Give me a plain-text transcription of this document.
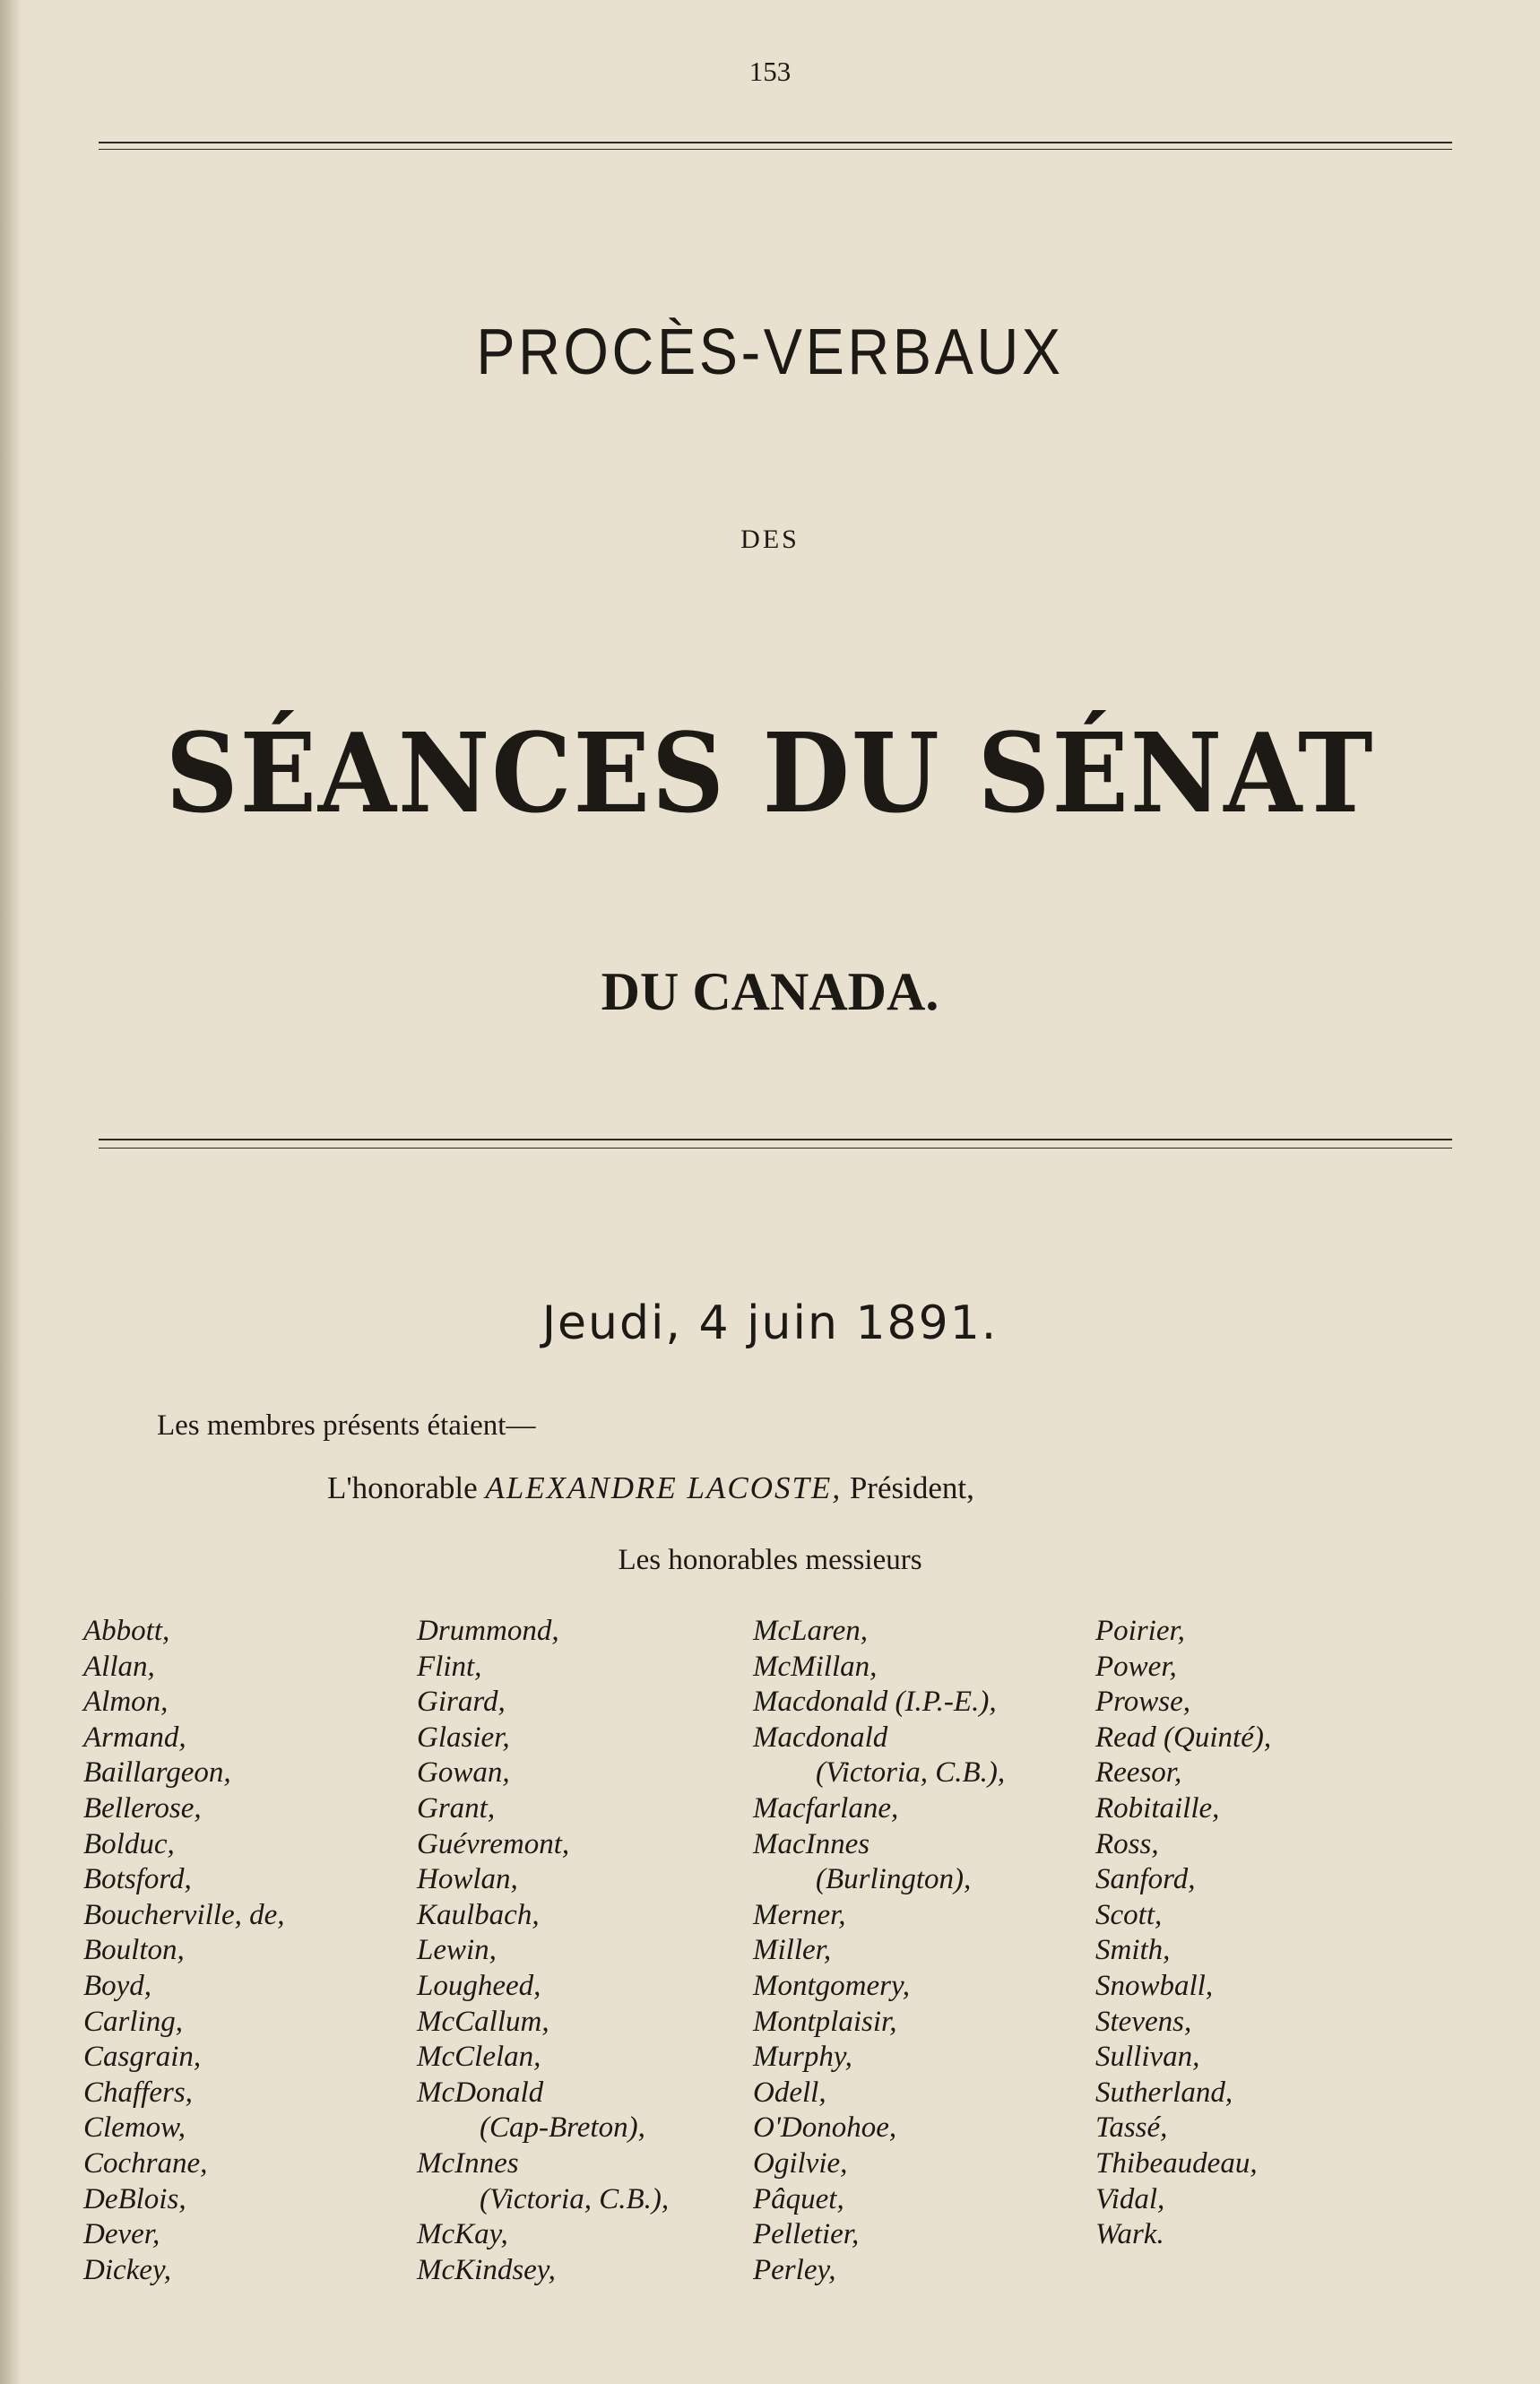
153
PROCÈS-VERBAUX
DES
SÉANCES DU SÉNAT
DU CANADA.
Jeudi, 4 juin 1891.
Les membres présents étaient—
L'honorable ALEXANDRE LACOSTE, Président,
Les honorables messieurs
Abbott,
Allan,
Almon,
Armand,
Baillargeon,
Bellerose,
Bolduc,
Botsford,
Boucherville, de,
Boulton,
Boyd,
Carling,
Casgrain,
Chaffers,
Clemow,
Cochrane,
DeBlois,
Dever,
Dickey,
Drummond,
Flint,
Girard,
Glasier,
Gowan,
Grant,
Guévremont,
Howlan,
Kaulbach,
Lewin,
Lougheed,
McCallum,
McClelan,
McDonald
(Cap-Breton),
McInnes
(Victoria, C.B.),
McKay,
McKindsey,
McLaren,
McMillan,
Macdonald (I.P.-E.),
Macdonald
(Victoria, C.B.),
Macfarlane,
MacInnes
(Burlington),
Merner,
Miller,
Montgomery,
Montplaisir,
Murphy,
Odell,
O'Donohoe,
Ogilvie,
Pâquet,
Pelletier,
Perley,
Poirier,
Power,
Prowse,
Read (Quinté),
Reesor,
Robitaille,
Ross,
Sanford,
Scott,
Smith,
Snowball,
Stevens,
Sullivan,
Sutherland,
Tassé,
Thibeaudeau,
Vidal,
Wark.
